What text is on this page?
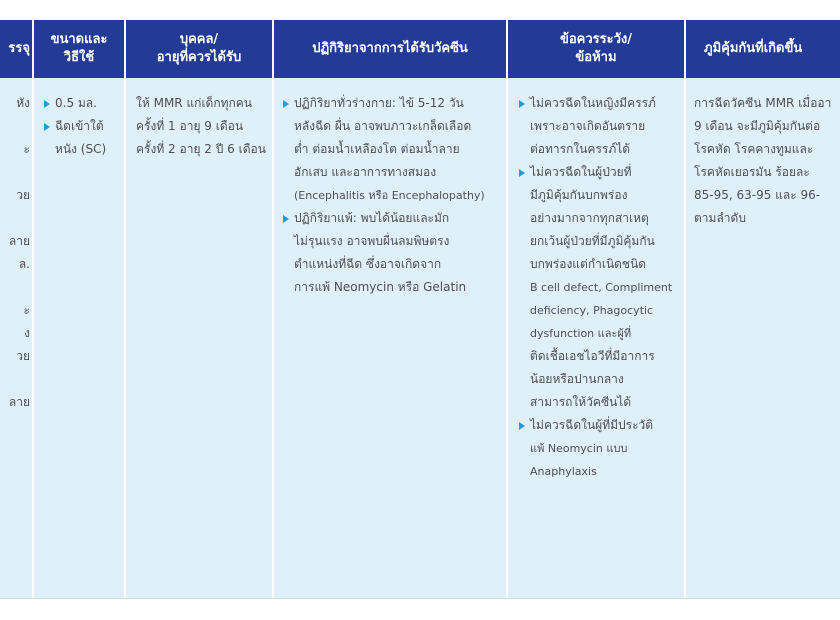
รรจุ
หัง
ะ
วย
ลาย
ล.
ะ
ง
วย
ลาย
ขนาดและ
วิธีใช้
0.5 มล.
ฉีดเข้าใต้
หนัง (SC)
บุคคล/
อายุที่ควรได้รับ
ให้ MMR แก่เด็กทุกคน
ครั้งที่ 1 อายุ 9 เดือน
ครั้งที่ 2 อายุ 2 ปี 6 เดือน
ปฏิกิริยาจากการได้รับวัคซีน
ปฏิกิริยาทั่วร่างกาย: ไข้ 5-12 วัน
หลังฉีด ผื่น อาจพบภาวะเกล็ดเลือด
ต่ำ ต่อมน้ำเหลืองโต ต่อมน้ำลาย
อักเสบ และอาการทางสมอง
(Encephalitis หรือ Encephalopathy)
ปฏิกิริยาแพ้: พบได้น้อยและมัก
ไม่รุนแรง อาจพบผื่นลมพิษตรง
ตำแหน่งที่ฉีด ซึ่งอาจเกิดจาก
การแพ้ Neomycin หรือ Gelatin
ข้อควรระวัง/
ข้อห้าม
ไม่ควรฉีดในหญิงมีครรภ์
เพราะอาจเกิดอันตราย
ต่อทารกในครรภ์ได้
ไม่ควรฉีดในผู้ป่วยที่
มีภูมิคุ้มกันบกพร่อง
อย่างมากจากทุกสาเหตุ
ยกเว้นผู้ป่วยที่มีภูมิคุ้มกัน
บกพร่องแต่กำเนิดชนิด
B cell defect, Compliment
deficiency, Phagocytic
dysfunction และผู้ที่
ติดเชื้อเอชไอวีที่มีอาการ
น้อยหรือปานกลาง
สามารถให้วัคซีนได้
ไม่ควรฉีดในผู้ที่มีประวัติ
แพ้ Neomycin แบบ
Anaphylaxis
ภูมิคุ้มกันที่เกิดขึ้น
การฉีดวัคซีน MMR เมื่ออา
9 เดือน จะมีภูมิคุ้มกันต่อ
โรคหัด โรคคางทูมและ
โรคหัดเยอรมัน ร้อยละ
85-95, 63-95 และ 96-
ตามลำดับ
